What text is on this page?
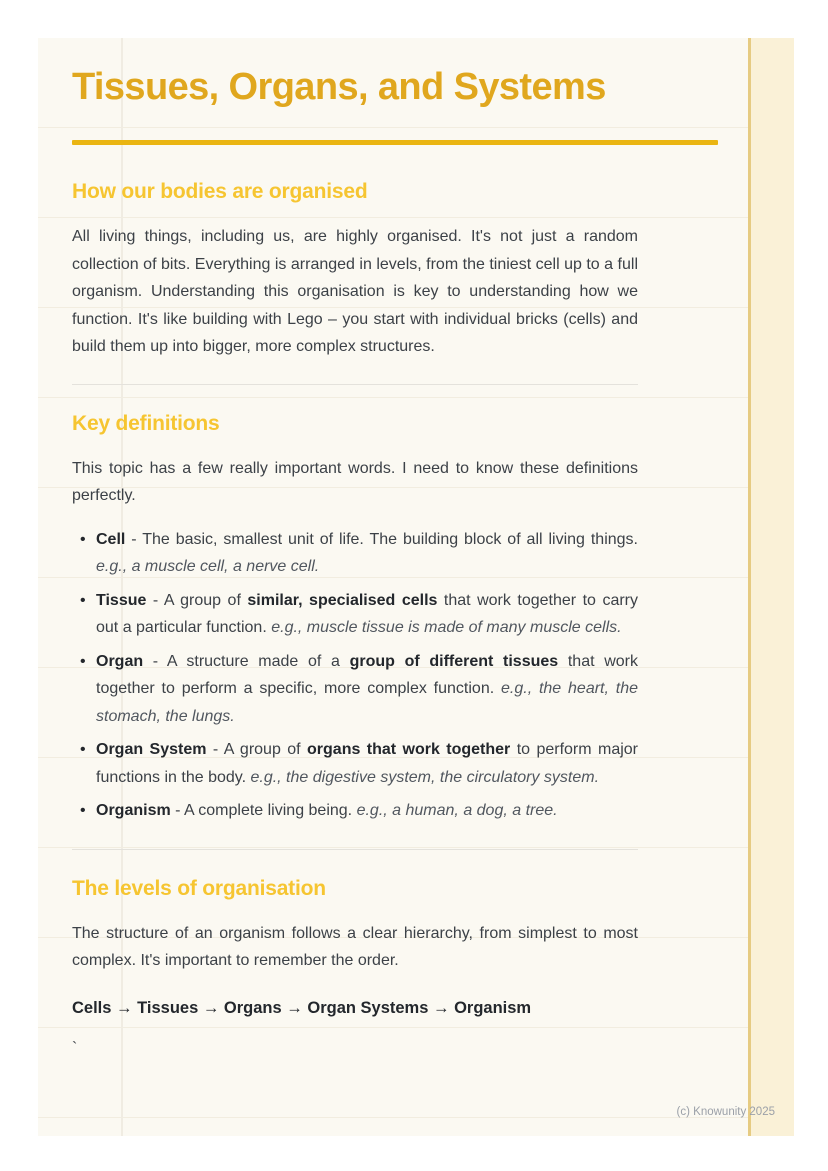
Tissues, Organs, and Systems
How our bodies are organised

All living things, including us, are highly organised. It's not just a random collection of bits. Everything is arranged in levels, from the tiniest cell up to a full organism. Understanding this organisation is key to understanding how we function. It's like building with Lego – you start with individual bricks (cells) and build them up into bigger, more complex structures.

Key definitions

This topic has a few really important words. I need to know these definitions perfectly.

• Cell - The basic, smallest unit of life. The building block of all living things. e.g., a muscle cell, a nerve cell.
• Tissue - A group of similar, specialised cells that work together to carry out a particular function. e.g., muscle tissue is made of many muscle cells.
• Organ - A structure made of a group of different tissues that work together to perform a specific, more complex function. e.g., the heart, the stomach, the lungs.
• Organ System - A group of organs that work together to perform major functions in the body. e.g., the digestive system, the circulatory system.
• Organism - A complete living being. e.g., a human, a dog, a tree.
The levels of organisation

The structure of an organism follows a clear hierarchy, from simplest to most complex. It's important to remember the order.

Cells → Tissues → Organs → Organ Systems → Organism

`

(c) Knowunity 2025
